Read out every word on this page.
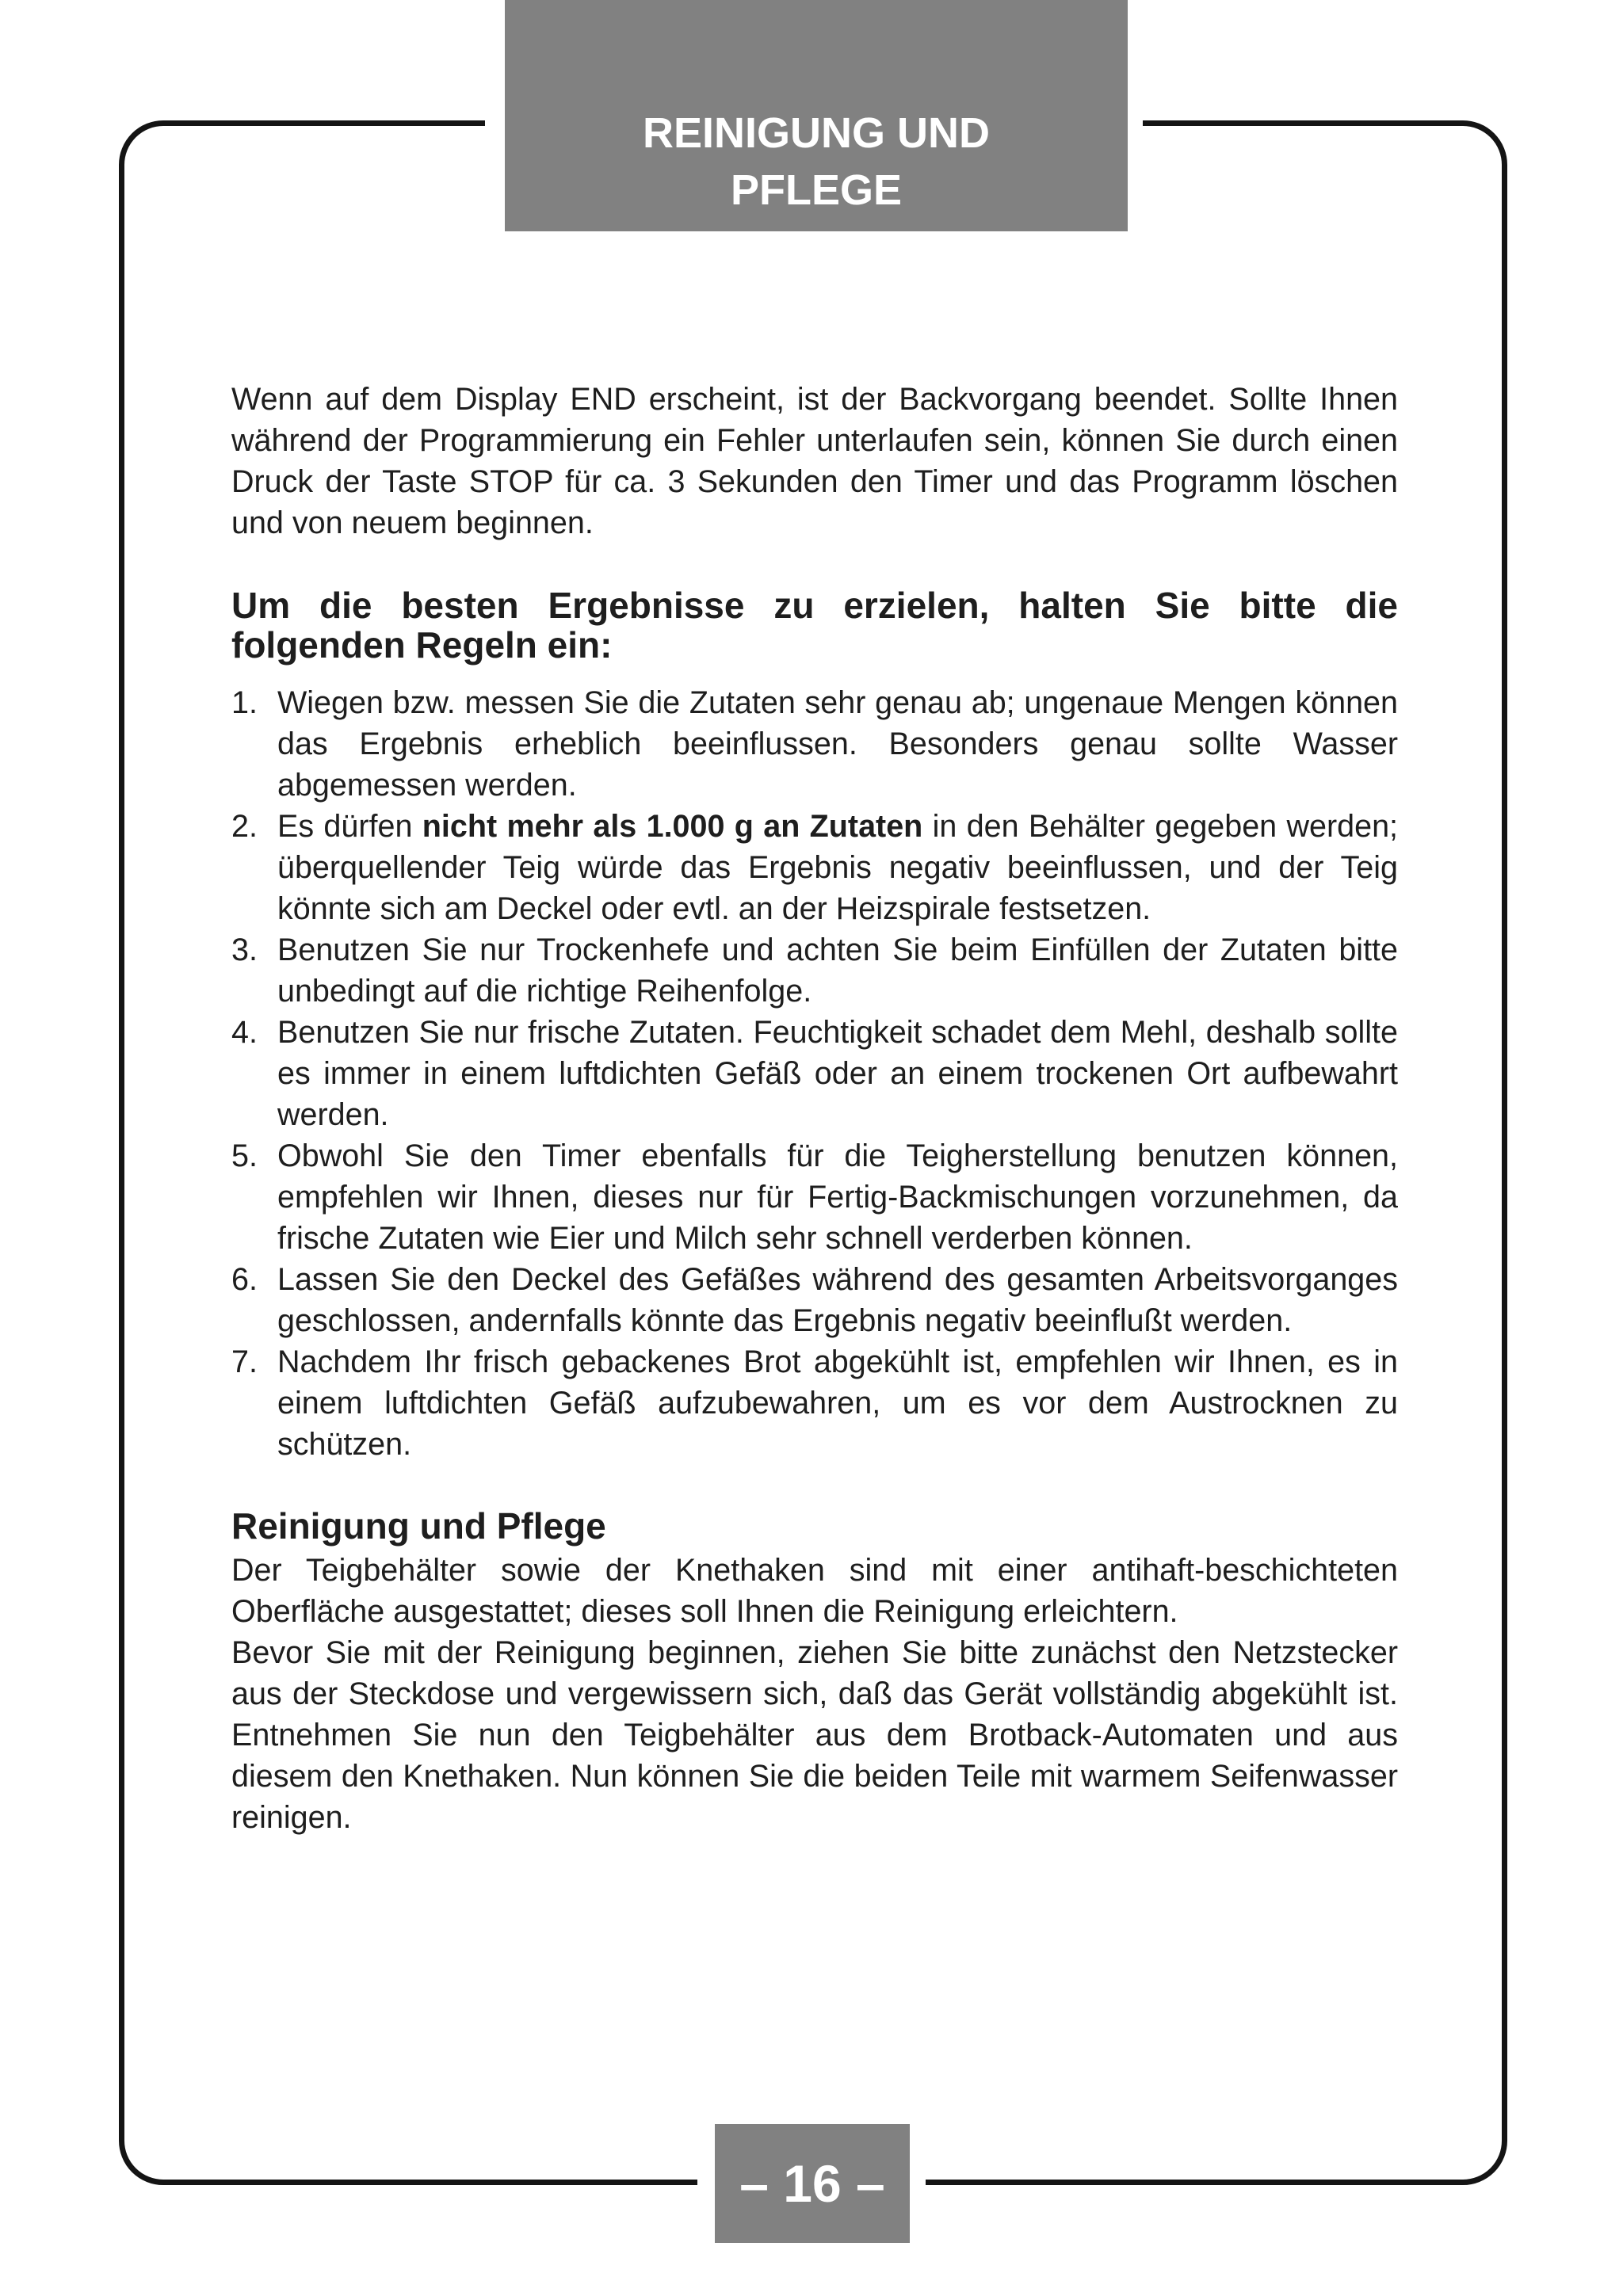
REINIGUNG UND
PFLEGE

Wenn auf dem Display END erscheint, ist der Backvorgang beendet. Sollte Ihnen während der Programmierung ein Fehler unterlaufen sein, können Sie durch einen Druck der Taste STOP für ca. 3 Sekunden den Timer und das Programm löschen und von neuem beginnen.

Um die besten Ergebnisse zu erzielen, halten Sie bitte die folgenden Regeln ein:
1. Wiegen bzw. messen Sie die Zutaten sehr genau ab; ungenaue Mengen können das Ergebnis erheblich beeinflussen. Besonders genau sollte Wasser abgemessen werden.
2. Es dürfen nicht mehr als 1.000 g an Zutaten in den Behälter gegeben werden; überquellender Teig würde das Ergebnis negativ beeinflussen, und der Teig könnte sich am Deckel oder evtl. an der Heizspirale festsetzen.
3. Benutzen Sie nur Trockenhefe und achten Sie beim Einfüllen der Zutaten bitte unbedingt auf die richtige Reihenfolge.
4. Benutzen Sie nur frische Zutaten. Feuchtigkeit schadet dem Mehl, deshalb sollte es immer in einem luftdichten Gefäß oder an einem trockenen Ort aufbewahrt werden.
5. Obwohl Sie den Timer ebenfalls für die Teigherstellung benutzen können, empfehlen wir Ihnen, dieses nur für Fertig-Backmischungen vorzunehmen, da frische Zutaten wie Eier und Milch sehr schnell verderben können.
6. Lassen Sie den Deckel des Gefäßes während des gesamten Arbeitsvorganges geschlossen, andernfalls könnte das Ergebnis negativ beeinflußt werden.
7. Nachdem Ihr frisch gebackenes Brot abgekühlt ist, empfehlen wir Ihnen, es in einem luftdichten Gefäß aufzubewahren, um es vor dem Austrocknen zu schützen.
Reinigung und Pflege

Der Teigbehälter sowie der Knethaken sind mit einer antihaft-beschichteten Oberfläche ausgestattet; dieses soll Ihnen die Reinigung erleichtern.

Bevor Sie mit der Reinigung beginnen, ziehen Sie bitte zunächst den Netzstecker aus der Steckdose und vergewissern sich, daß das Gerät vollständig abgekühlt ist. Entnehmen Sie nun den Teigbehälter aus dem Brotback-Automaten und aus diesem den Knethaken. Nun können Sie die beiden Teile mit warmem Seifenwasser reinigen.

– 16 –
